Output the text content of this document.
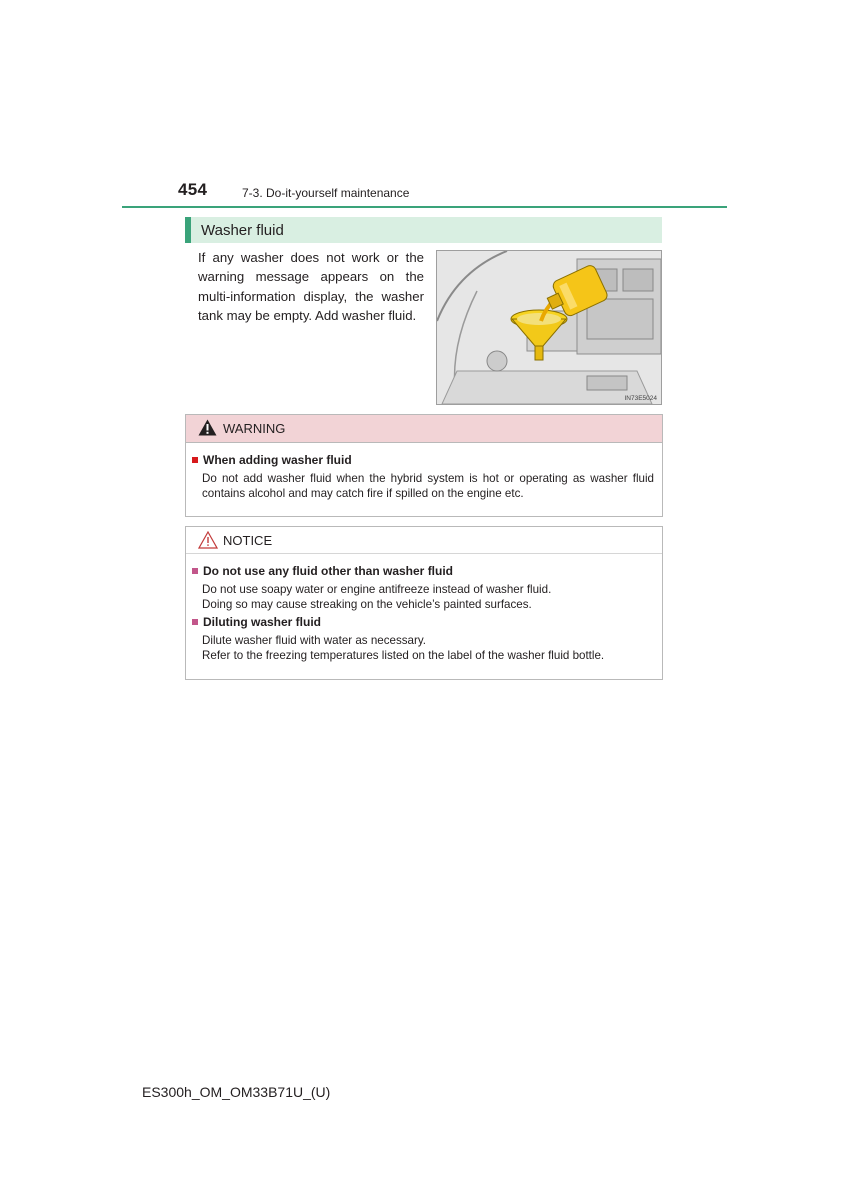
454	7-3. Do-it-yourself maintenance
Washer fluid
If any washer does not work or the warning message appears on the multi-information display, the washer tank may be empty. Add washer fluid.
IN73E5024
WARNING
When adding washer fluid
Do not add washer fluid when the hybrid system is hot or operating as washer fluid contains alcohol and may catch fire if spilled on the engine etc.
NOTICE
Do not use any fluid other than washer fluid
Do not use soapy water or engine antifreeze instead of washer fluid.
Doing so may cause streaking on the vehicle’s painted surfaces.
Diluting washer fluid
Dilute washer fluid with water as necessary.
Refer to the freezing temperatures listed on the label of the washer fluid bottle.
ES300h_OM_OM33B71U_(U)
